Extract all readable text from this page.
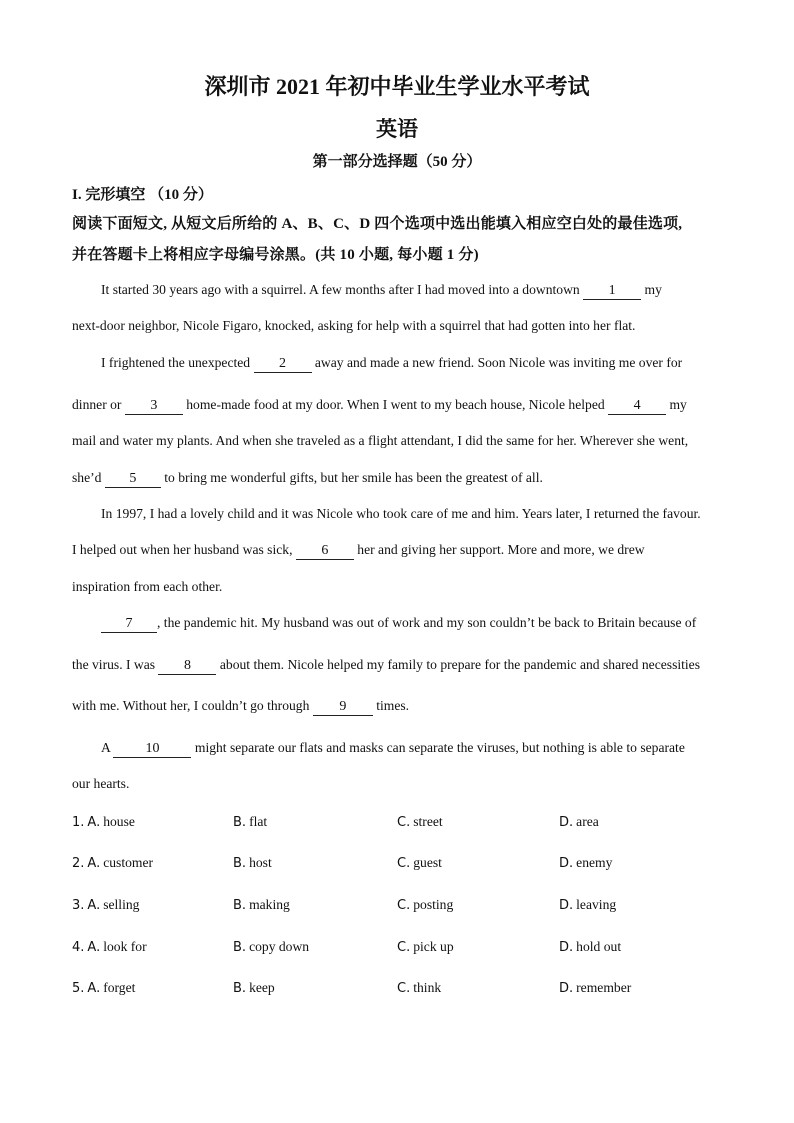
深圳市 2021 年初中毕业生学业水平考试
英语
第一部分选择题（50 分）
I. 完形填空 （10 分）
阅读下面短文, 从短文后所给的 A、B、C、D 四个选项中选出能填入相应空白处的最佳选项,
并在答题卡上将相应字母编号涂黑。(共 10 小题, 每小题 1 分)
It started 30 years ago with a squirrel. A few months after I had moved into a downtown 1 my
next-door neighbor, Nicole Figaro, knocked, asking for help with a squirrel that had gotten into her flat.
I frightened the unexpected 2 away and made a new friend. Soon Nicole was inviting me over for
dinner or 3 home-made food at my door. When I went to my beach house, Nicole helped 4 my
mail and water my plants. And when she traveled as a flight attendant, I did the same for her. Wherever she went,
she’d 5 to bring me wonderful gifts, but her smile has been the greatest of all.
In 1997, I had a lovely child and it was Nicole who took care of me and him. Years later, I returned the favour.
I helped out when her husband was sick, 6 her and giving her support. More and more, we drew
inspiration from each other.
7 , the pandemic hit. My husband was out of work and my son couldn’t be back to Britain because of
the virus. I was 8 about them. Nicole helped my family to prepare for the pandemic and shared necessities
with me. Without her, I couldn’t go through 9 times.
A 10 might separate our flats and masks can separate the viruses, but nothing is able to separate
our hearts.
1. A. house	B. flat	C. street	D. area
2. A. customer	B. host	C. guest	D. enemy
3. A. selling	B. making	C. posting	D. leaving
4. A. look for	B. copy down	C. pick up	D. hold out
5. A. forget	B. keep	C. think	D. remember
